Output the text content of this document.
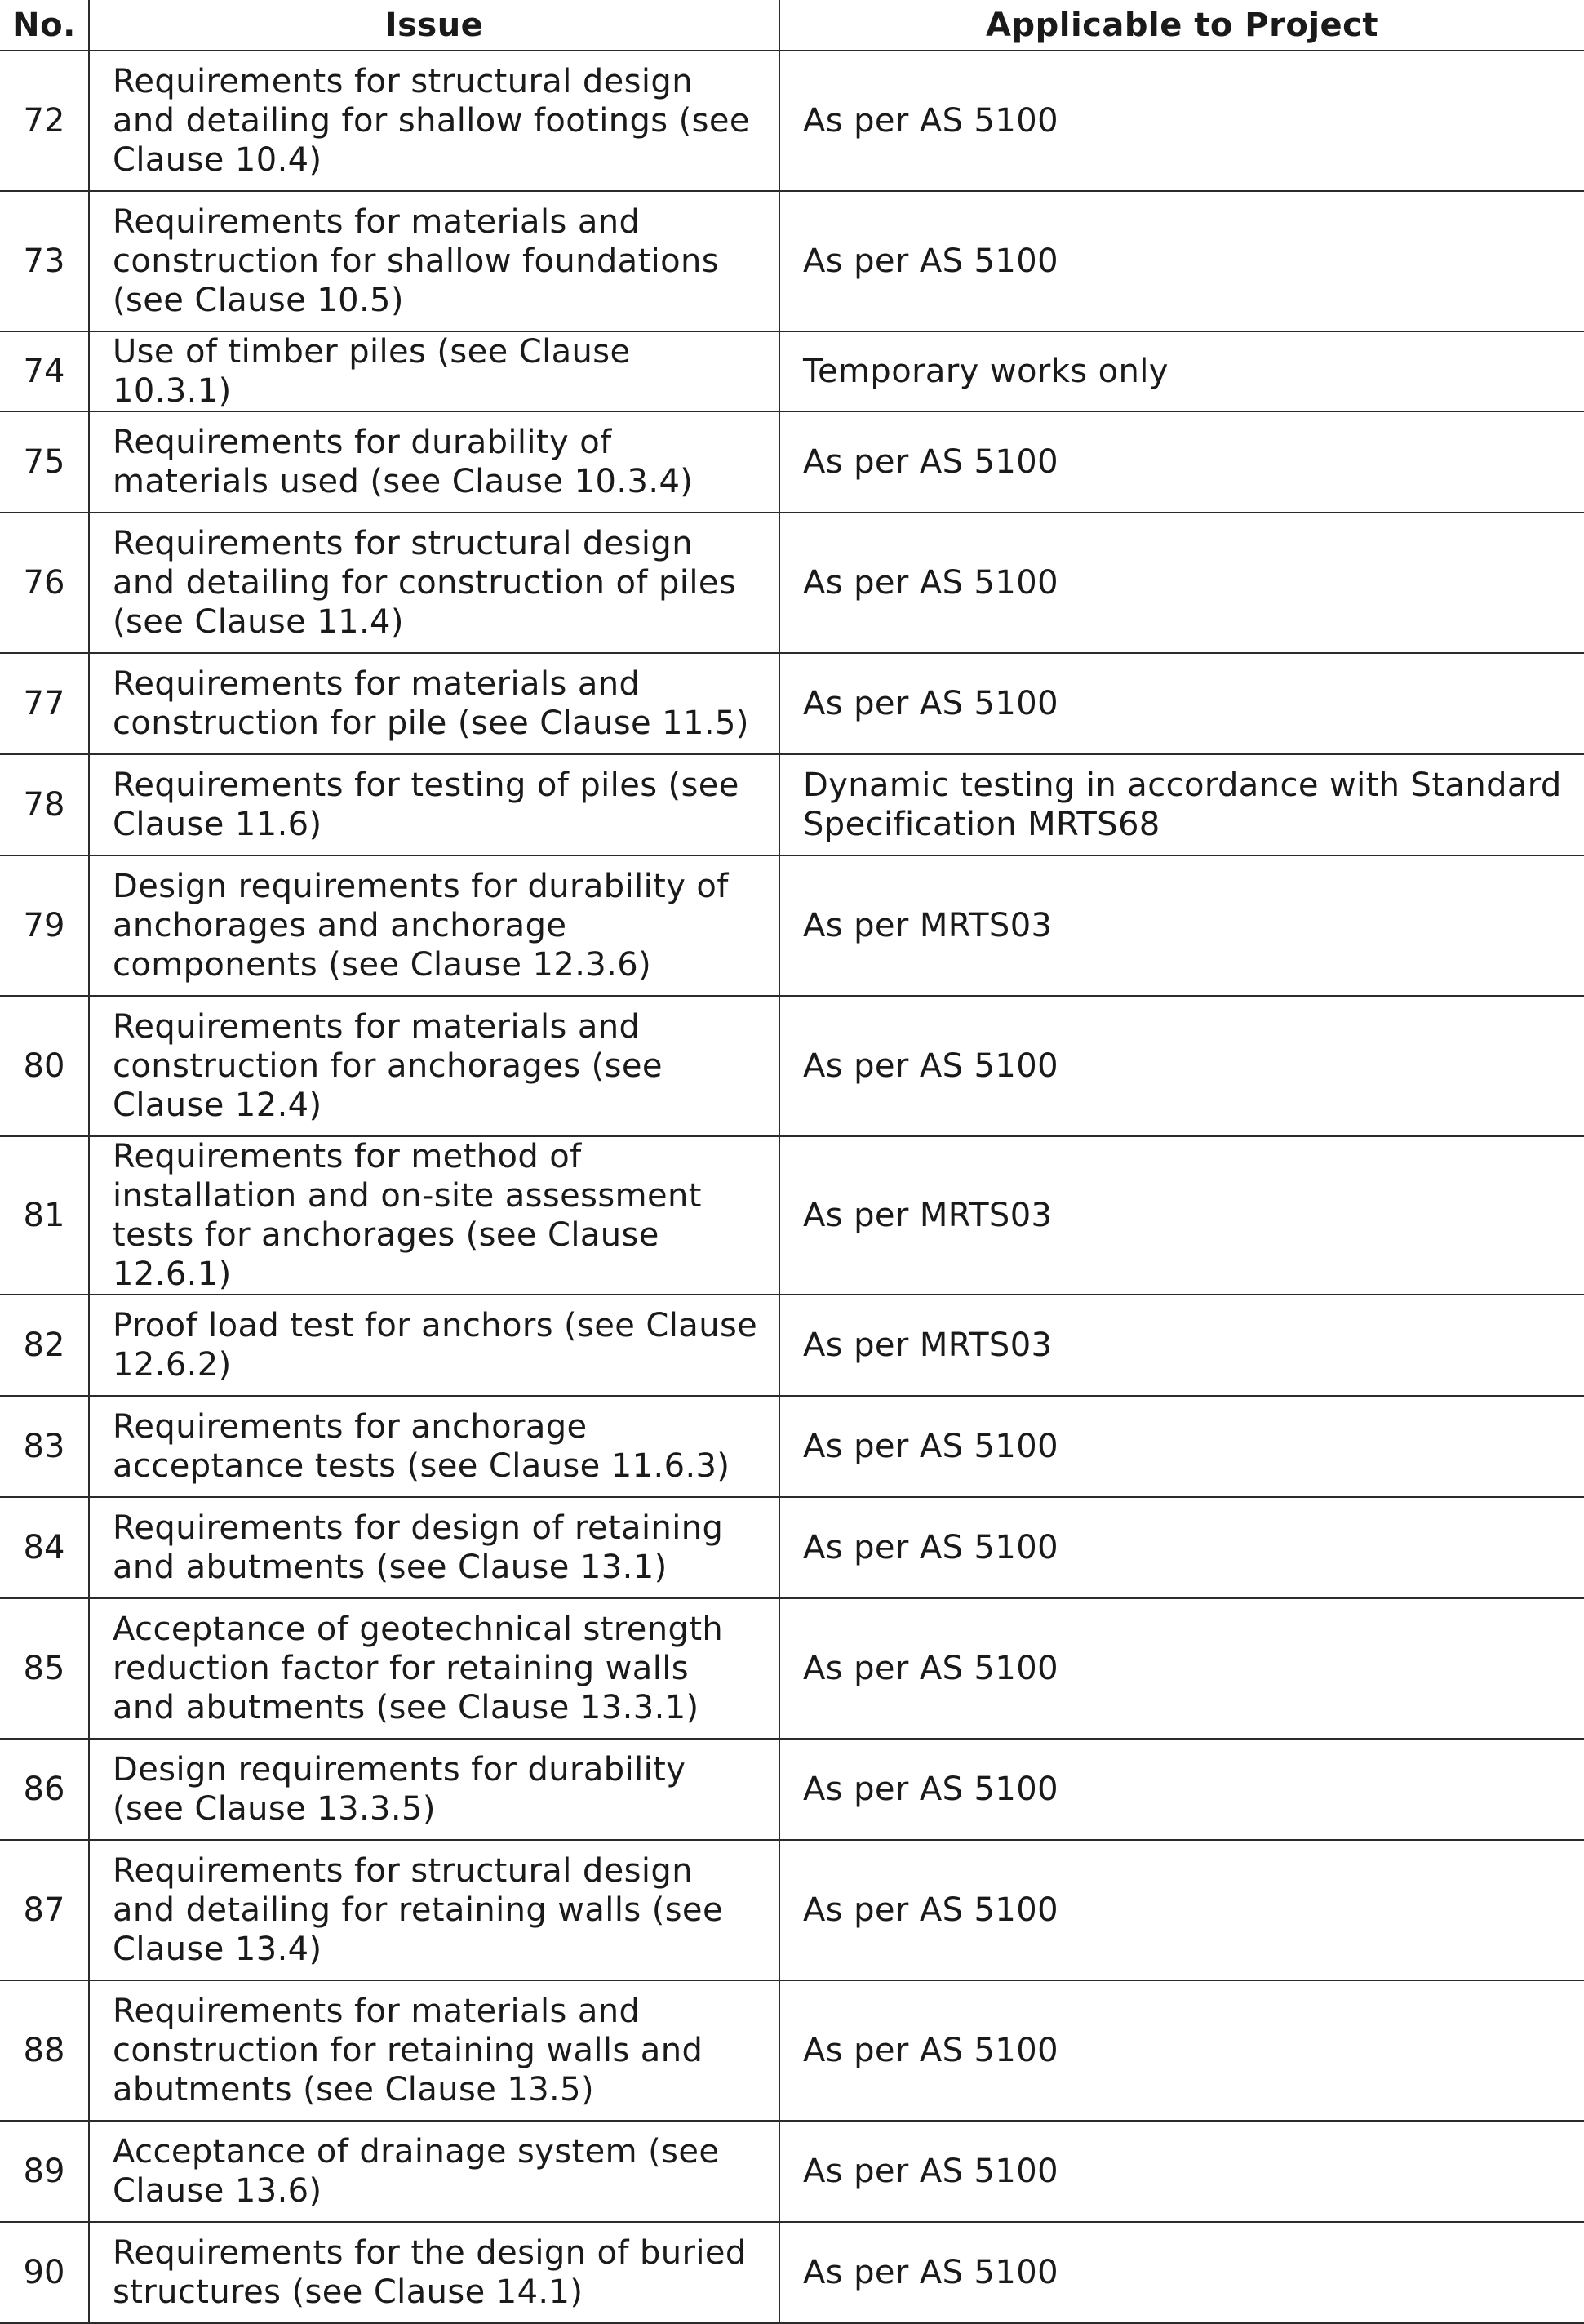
No.	Issue	Applicable to Project
72	Requirements for structural design and detailing for shallow footings (see Clause 10.4)	As per AS 5100
73	Requirements for materials and construction for shallow foundations (see Clause 10.5)	As per AS 5100
74	Use of timber piles (see Clause 10.3.1)	Temporary works only
75	Requirements for durability of materials used (see Clause 10.3.4)	As per AS 5100
76	Requirements for structural design and detailing for construction of piles (see Clause 11.4)	As per AS 5100
77	Requirements for materials and construction for pile (see Clause 11.5)	As per AS 5100
78	Requirements for testing of piles (see Clause 11.6)	Dynamic testing in accordance with Standard Specification MRTS68
79	Design requirements for durability of anchorages and anchorage components (see Clause 12.3.6)	As per MRTS03
80	Requirements for materials and construction for anchorages (see Clause 12.4)	As per AS 5100
81	Requirements for method of installation and on-site assessment tests for anchorages (see Clause 12.6.1)	As per MRTS03
82	Proof load test for anchors (see Clause 12.6.2)	As per MRTS03
83	Requirements for anchorage acceptance tests (see Clause 11.6.3)	As per AS 5100
84	Requirements for design of retaining and abutments (see Clause 13.1)	As per AS 5100
85	Acceptance of geotechnical strength reduction factor for retaining walls and abutments (see Clause 13.3.1)	As per AS 5100
86	Design requirements for durability (see Clause 13.3.5)	As per AS 5100
87	Requirements for structural design and detailing for retaining walls (see Clause 13.4)	As per AS 5100
88	Requirements for materials and construction for retaining walls and abutments (see Clause 13.5)	As per AS 5100
89	Acceptance of drainage system (see Clause 13.6)	As per AS 5100
90	Requirements for the design of buried structures (see Clause 14.1)	As per AS 5100
